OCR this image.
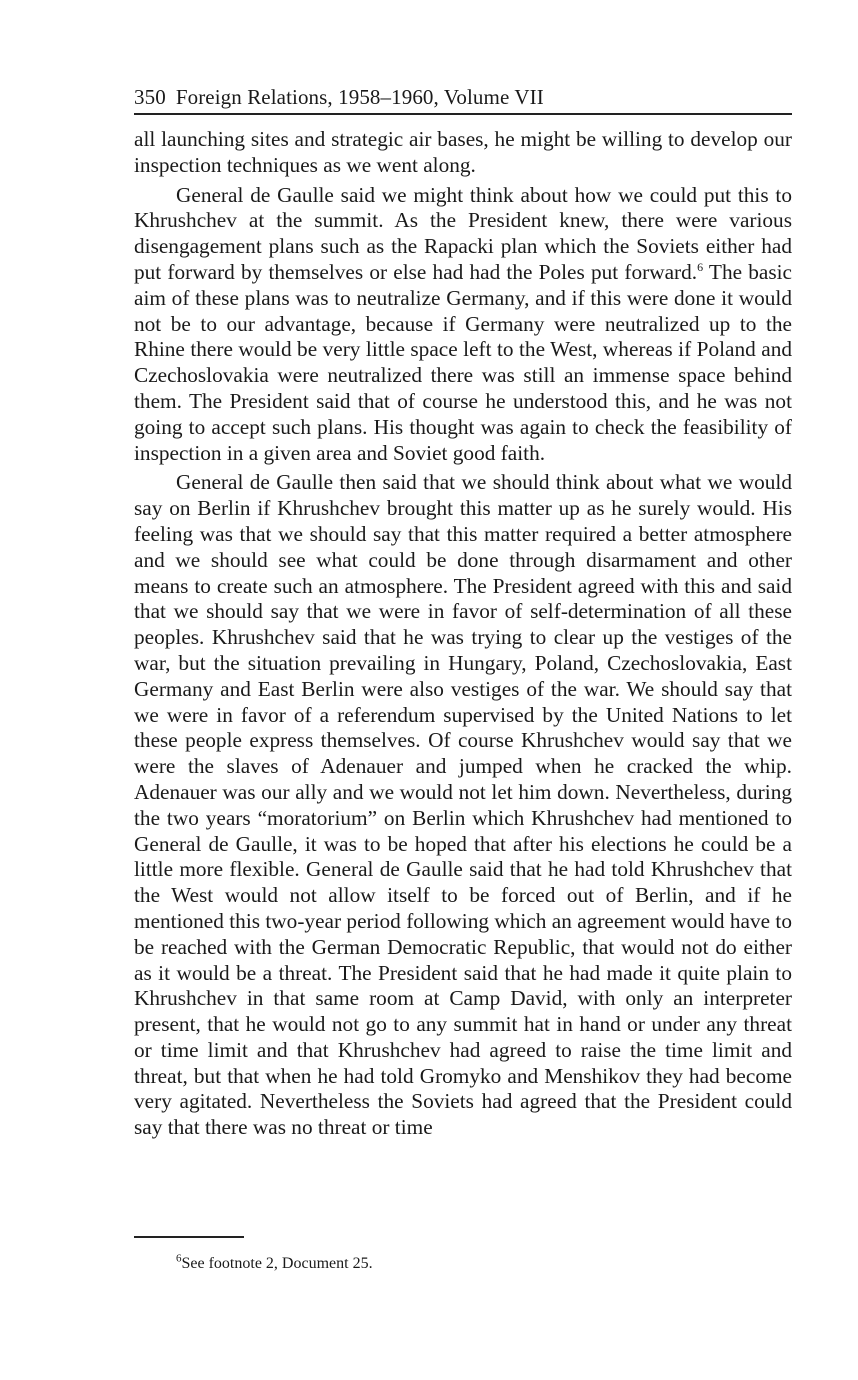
350 Foreign Relations, 1958–1960, Volume VII

all launching sites and strategic air bases, he might be willing to develop our inspection techniques as we went along.

General de Gaulle said we might think about how we could put this to Khrushchev at the summit. As the President knew, there were various disengagement plans such as the Rapacki plan which the Soviets either had put forward by themselves or else had had the Poles put forward.$^6$ The basic aim of these plans was to neutralize Germany, and if this were done it would not be to our advantage, because if Germany were neutralized up to the Rhine there would be very little space left to the West, whereas if Poland and Czechoslovakia were neutralized there was still an immense space behind them. The President said that of course he understood this, and he was not going to accept such plans. His thought was again to check the feasibility of inspection in a given area and Soviet good faith.

General de Gaulle then said that we should think about what we would say on Berlin if Khrushchev brought this matter up as he surely would. His feeling was that we should say that this matter required a better atmosphere and we should see what could be done through disarmament and other means to create such an atmosphere. The President agreed with this and said that we should say that we were in favor of self-determination of all these peoples. Khrushchev said that he was trying to clear up the vestiges of the war, but the situation prevailing in Hungary, Poland, Czechoslovakia, East Germany and East Berlin were also vestiges of the war. We should say that we were in favor of a referendum supervised by the United Nations to let these people express themselves. Of course Khrushchev would say that we were the slaves of Adenauer and jumped when he cracked the whip. Adenauer was our ally and we would not let him down. Nevertheless, during the two years “moratorium” on Berlin which Khrushchev had mentioned to General de Gaulle, it was to be hoped that after his elections he could be a little more flexible. General de Gaulle said that he had told Khrushchev that the West would not allow itself to be forced out of Berlin, and if he mentioned this two-year period following which an agreement would have to be reached with the German Democratic Republic, that would not do either as it would be a threat. The President said that he had made it quite plain to Khrushchev in that same room at Camp David, with only an interpreter present, that he would not go to any summit hat in hand or under any threat or time limit and that Khrushchev had agreed to raise the time limit and threat, but that when he had told Gromyko and Menshikov they had become very agitated. Nevertheless the Soviets had agreed that the President could say that there was no threat or time

$^6$See footnote 2, Document 25.
